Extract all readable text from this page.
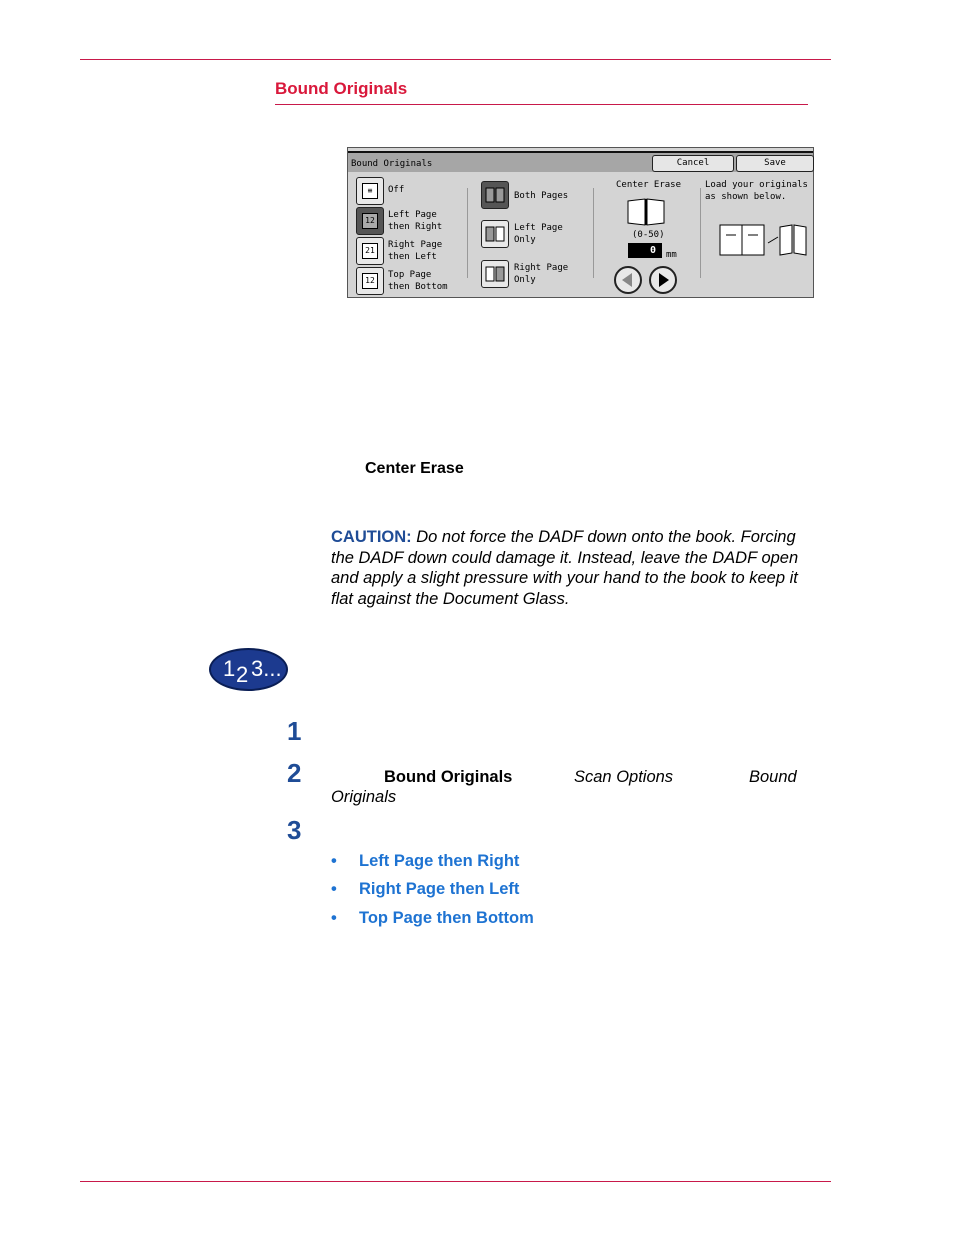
Bound Originals
Bound Originals	Cancel	Save
≡	Off
12
Left Page
then Right
21
Right Page
then Left
12
Top Page
then Bottom
Both Pages
Left Page
Only
Right Page
Only
Center Erase
(0-50)
0	mm
Load your originals
as shown below.
Center Erase
CAUTION: Do not force the DADF down onto the book. Forcing the DADF down could damage it. Instead, leave the DADF open and apply a slight pressure with your hand to the book to keep it flat against the Document Glass.
1 2 3...
1
2	Bound Originals	Scan Options	Bound
Originals
3
• Left Page then Right
• Right Page then Left
• Top Page then Bottom
